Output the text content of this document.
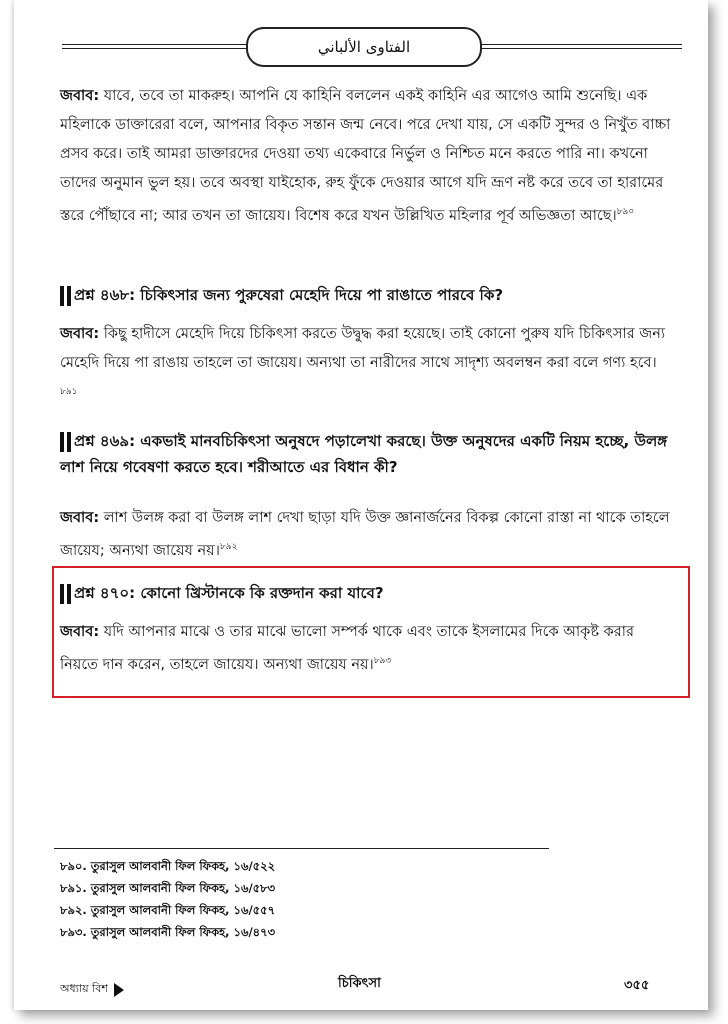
الفتاوى الألباني

জবাব: যাবে, তবে তা মাকরুহ। আপনি যে কাহিনি বললেন একই কাহিনি এর আগেও আমি শুনেছি। এক মহিলাকে ডাক্তারেরা বলে, আপনার বিকৃত সন্তান জন্ম নেবে। পরে দেখা যায়, সে একটি সুন্দর ও নিখুঁত বাচ্চা প্রসব করে। তাই আমরা ডাক্তারদের দেওয়া তথ্য একেবারে নির্ভুল ও নিশ্চিত মনে করতে পারি না। কখনো তাদের অনুমান ভুল হয়। তবে অবস্থা যাইহোক, রুহ ফুঁকে দেওয়ার আগে যদি ভ্রূণ নষ্ট করে তবে তা হারামের স্তরে পৌঁছাবে না; আর তখন তা জায়েয। বিশেষ করে যখন উল্লিখিত মহিলার পূর্ব অভিজ্ঞতা আছে।$^{৮৯০}$

প্রশ্ন ৪৬৮: চিকিৎসার জন্য পুরুষেরা মেহেদি দিয়ে পা রাঙাতে পারবে কি?

জবাব: কিছু হাদীসে মেহেদি দিয়ে চিকিৎসা করতে উদ্বুদ্ধ করা হয়েছে। তাই কোনো পুরুষ যদি চিকিৎসার জন্য মেহেদি দিয়ে পা রাঙায় তাহলে তা জায়েয। অন্যথা তা নারীদের সাথে সাদৃশ্য অবলম্বন করা বলে গণ্য হবে।$^{৮৯১}$

প্রশ্ন ৪৬৯: একভাই মানবচিকিৎসা অনুষদে পড়ালেখা করছে। উক্ত অনুষদের একটি নিয়ম হচ্ছে, উলঙ্গ লাশ নিয়ে গবেষণা করতে হবে। শরীআতে এর বিধান কী?

জবাব: লাশ উলঙ্গ করা বা উলঙ্গ লাশ দেখা ছাড়া যদি উক্ত জ্ঞানার্জনের বিকল্প কোনো রাস্তা না থাকে তাহলে জায়েয; অন্যথা জায়েয নয়।$^{৮৯২}$

প্রশ্ন ৪৭০: কোনো খ্রিস্টানকে কি রক্তদান করা যাবে?

জবাব: যদি আপনার মাঝে ও তার মাঝে ভালো সম্পর্ক থাকে এবং তাকে ইসলামের দিকে আকৃষ্ট করার নিয়তে দান করেন, তাহলে জায়েয। অন্যথা জায়েয নয়।$^{৮৯৩}$

৮৯০. তুরাসুল আলবানী ফিল ফিকহ, ১৬/৫২২

৮৯১. তুরাসুল আলবানী ফিল ফিকহ, ১৬/৫৮৩

৮৯২. তুরাসুল আলবানী ফিল ফিকহ, ১৬/৫৫৭

৮৯৩. তুরাসুল আলবানী ফিল ফিকহ, ১৬/৪৭৩

অধ্যায় বিশ	চিকিৎসা	৩৫৫
